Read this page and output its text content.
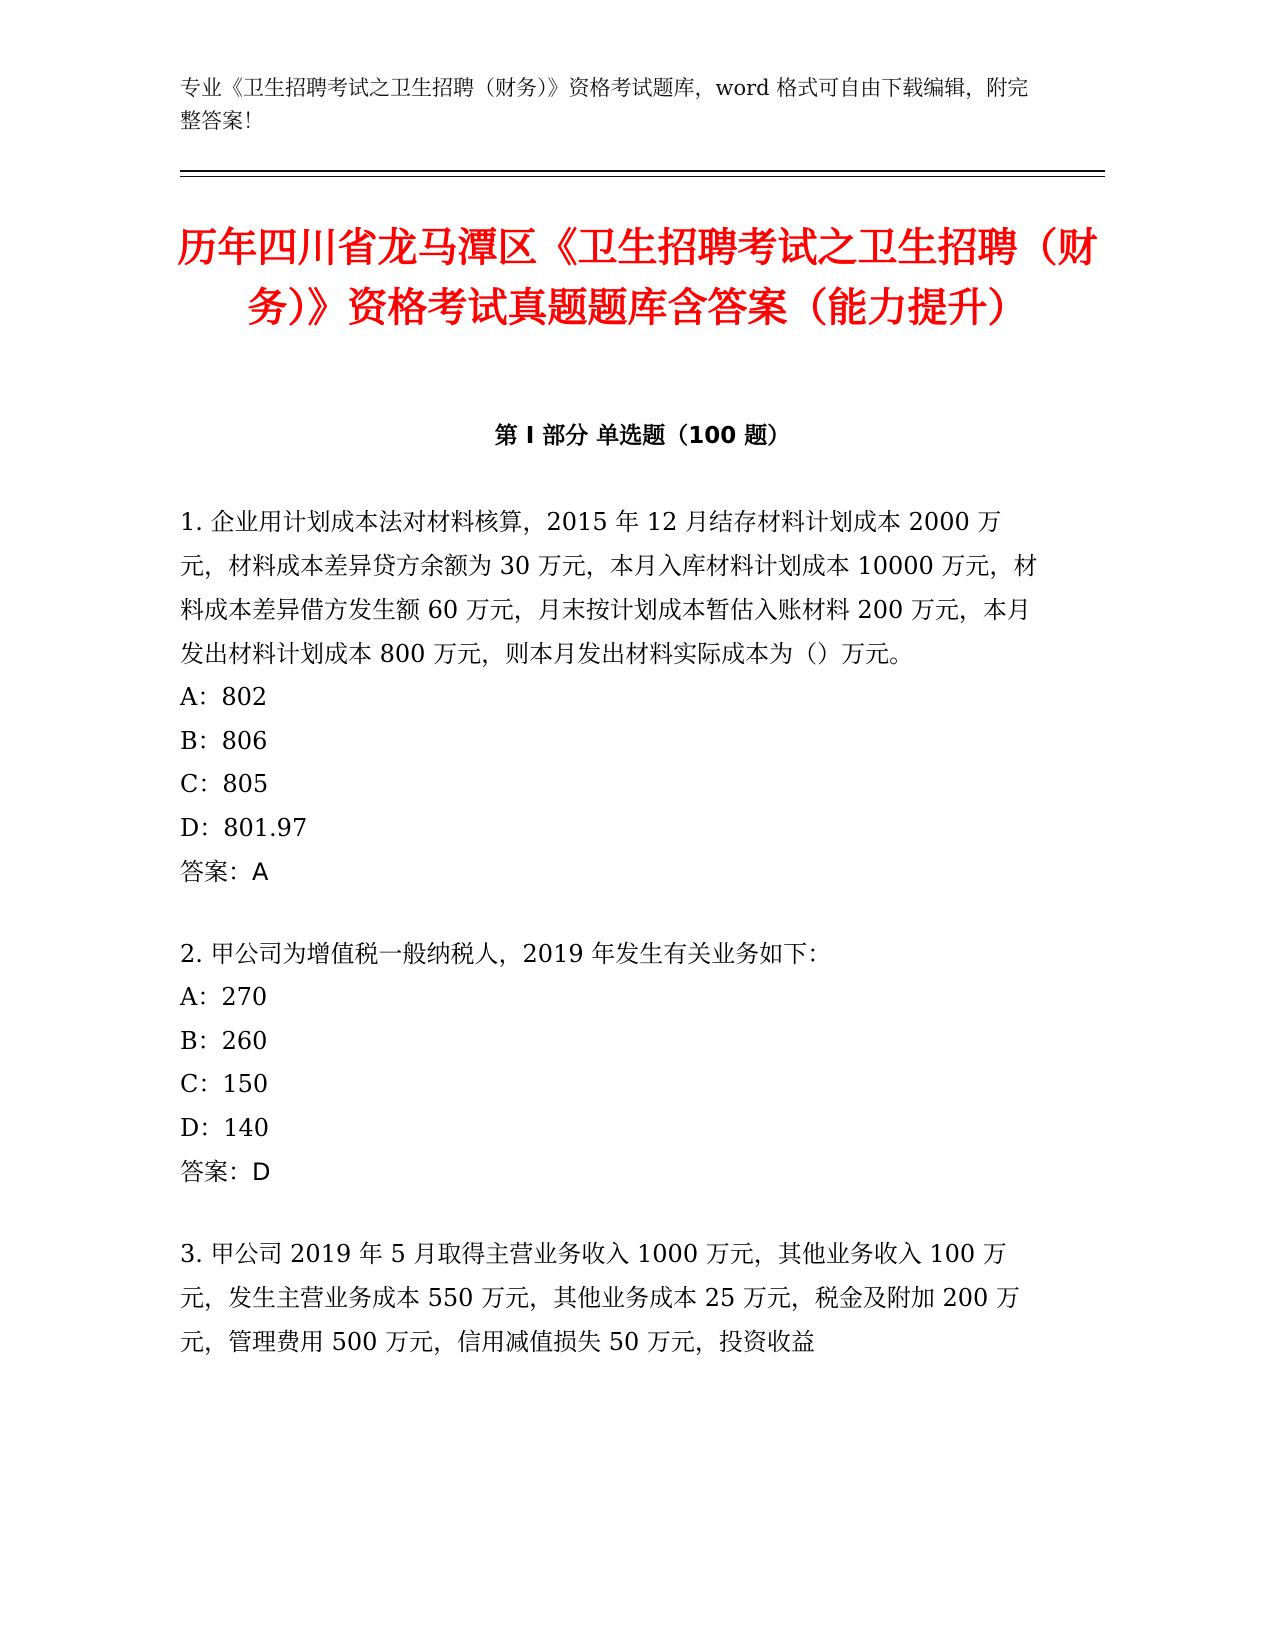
专业《卫生招聘考试之卫生招聘（财务）》资格考试题库，word 格式可自由下载编辑，附完整答案！
历年四川省龙马潭区《卫生招聘考试之卫生招聘（财务）》资格考试真题题库含答案（能力提升）
第 I 部分 单选题（100 题）

1. 企业用计划成本法对材料核算，2015 年 12 月结存材料计划成本 2000 万元，材料成本差异贷方余额为 30 万元，本月入库材料计划成本 10000 万元，材料成本差异借方发生额 60 万元，月末按计划成本暂估入账材料 200 万元，本月发出材料计划成本 800 万元，则本月发出材料实际成本为（）万元。

A：802

B：806

C：805

D：801.97

答案：A

2. 甲公司为增值税一般纳税人，2019 年发生有关业务如下：

A：270

B：260

C：150

D：140

答案：D

3. 甲公司 2019 年 5 月取得主营业务收入 1000 万元，其他业务收入 100 万元，发生主营业务成本 550 万元，其他业务成本 25 万元，税金及附加 200 万元，管理费用 500 万元，信用减值损失 50 万元，投资收益
